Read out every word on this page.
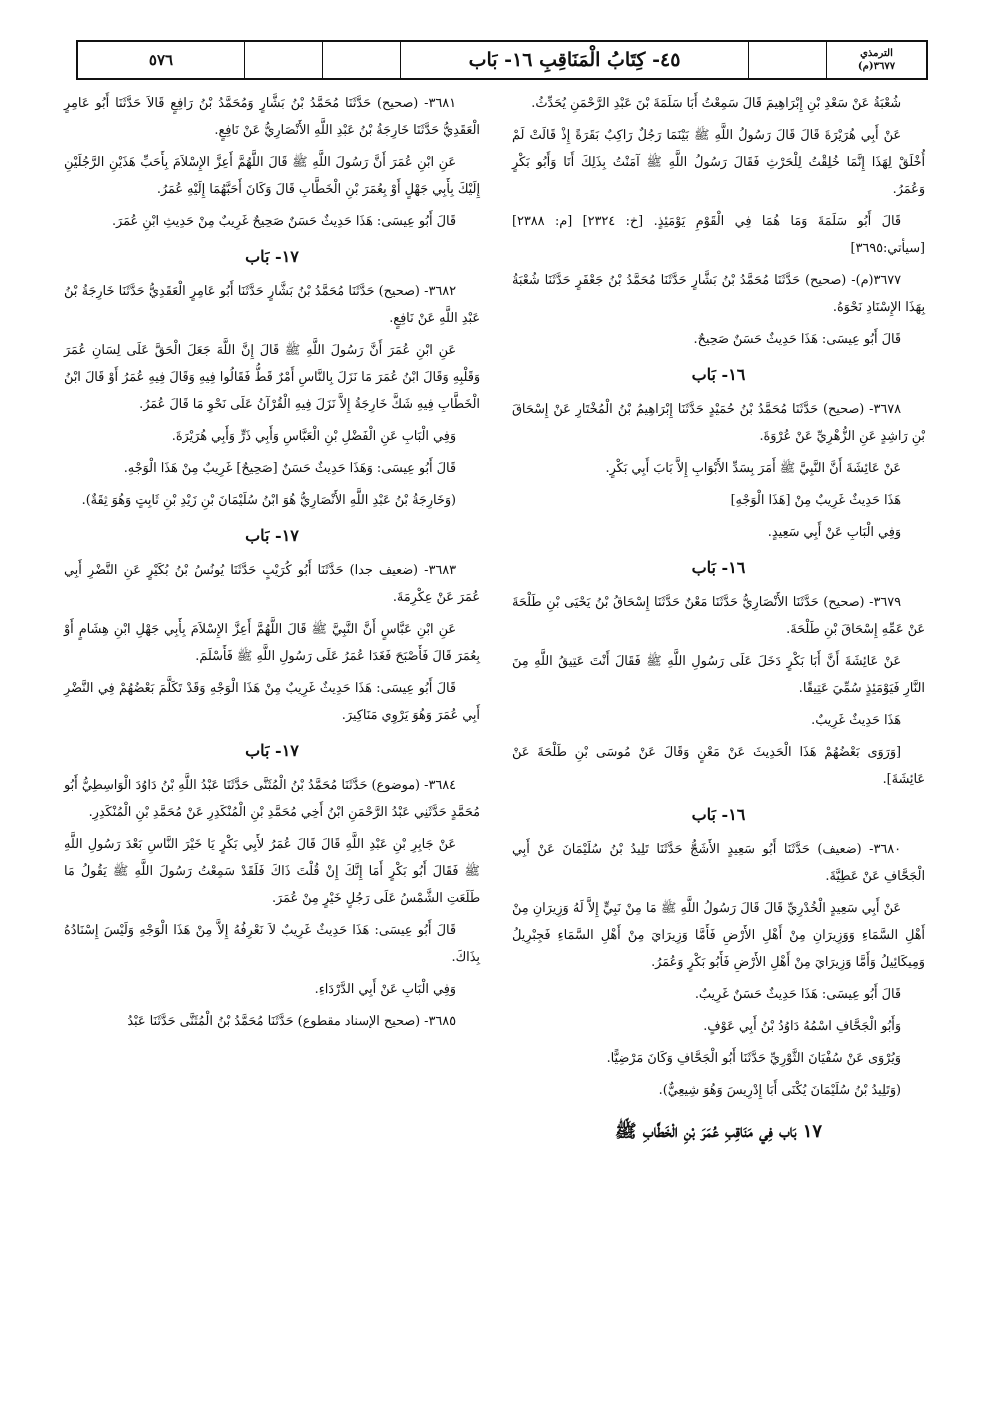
٥٧٦	٤٥- كِتَابُ الْمَنَاقِبِ ١٦- بَاب	الترمذي
٣٦٧٧(م)
شُعْبَةُ عَنْ سَعْدِ بْنِ إِبْرَاهِيمَ قَالَ سَمِعْتُ أَبَا سَلَمَةَ بْنَ عَبْدِ الرَّحْمَنِ يُحَدِّثُ.
عَنْ أَبِي هُرَيْرَةَ قَالَ قَالَ رَسُولُ اللَّهِ ﷺ بَيْنَمَا رَجُلٌ رَاكِبٌ بَقَرَةً إِذْ قَالَتْ لَمْ أُخْلَقْ لِهَذَا إِنَّمَا خُلِقْتُ لِلْحَرْثِ فَقَالَ رَسُولُ اللَّهِ ﷺ آمَنْتُ بِذَلِكَ أَنَا وَأَبُو بَكْرٍ وَعُمَرُ.
قَالَ أَبُو سَلَمَةَ وَمَا هُمَا فِي الْقَوْمِ يَوْمَئِذٍ. [خ: ٢٣٢٤] [م: ٢٣٨٨] [سيأتي:٣٦٩٥]
٣٦٧٧(م)- (صحيح) حَدَّثَنَا مُحَمَّدُ بْنُ بَشَّارٍ حَدَّثَنَا مُحَمَّدُ بْنُ جَعْفَرٍ حَدَّثَنَا شُعْبَةُ بِهَذَا الإِسْنَادِ نَحْوَهُ.
قَالَ أَبُو عِيسَى: هَذَا حَدِيثٌ حَسَنٌ صَحِيحٌ.
١٦- بَاب
٣٦٧٨- (صحيح) حَدَّثَنَا مُحَمَّدُ بْنُ حُمَيْدٍ حَدَّثَنَا إِبْرَاهِيمُ بْنُ الْمُخْتَارِ عَنْ إِسْحَاقَ بْنِ رَاشِدٍ عَنِ الزُّهْرِيِّ عَنْ عُرْوَةَ.
عَنْ عَائِشَةَ أَنَّ النَّبِيَّ ﷺ أَمَرَ بِسَدِّ الأَبْوَابِ إِلاَّ بَابَ أَبِي بَكْرٍ.
هَذَا حَدِيثٌ غَرِيبٌ مِنْ [هَذَا الْوَجْهِ]
وَفِي الْبَابِ عَنْ أَبِي سَعِيدٍ.
١٦- بَاب
٣٦٧٩- (صحيح) حَدَّثَنَا الأَنْصَارِيُّ حَدَّثَنَا مَعْنٌ حَدَّثَنَا إِسْحَاقُ بْنُ يَحْيَى بْنِ طَلْحَةَ عَنْ عَمِّهِ إِسْحَاقَ بْنِ طَلْحَةَ.
عَنْ عَائِشَةَ أَنَّ أَبَا بَكْرٍ دَخَلَ عَلَى رَسُولِ اللَّهِ ﷺ فَقَالَ أَنْتَ عَتِيقُ اللَّهِ مِنَ النَّارِ فَيَوْمَئِذٍ سُمِّيَ عَتِيقًا.
هَذَا حَدِيثٌ غَرِيبٌ.
[وَرَوَى بَعْضُهُمْ هَذَا الْحَدِيثَ عَنْ مَعْنٍ وَقَالَ عَنْ مُوسَى بْنِ طَلْحَةَ عَنْ عَائِشَةَ].
١٦- بَاب
٣٦٨٠- (ضعيف) حَدَّثَنَا أَبُو سَعِيدٍ الأَشَجُّ حَدَّثَنَا تَلِيدُ بْنُ سُلَيْمَانَ عَنْ أَبِي الْجَحَّافِ عَنْ عَطِيَّةَ.
عَنْ أَبِي سَعِيدٍ الْخُدْرِيِّ قَالَ قَالَ رَسُولُ اللَّهِ ﷺ مَا مِنْ نَبِيٍّ إِلاَّ لَهُ وَزِيرَانِ مِنْ أَهْلِ السَّمَاءِ وَوَزِيرَانِ مِنْ أَهْلِ الأَرْضِ فَأَمَّا وَزِيرَايَ مِنْ أَهْلِ السَّمَاءِ فَجِبْرِيلُ وَمِيكَائِيلُ وَأَمَّا وَزِيرَايَ مِنْ أَهْلِ الأَرْضِ فَأَبُو بَكْرٍ وَعُمَرُ.
قَالَ أَبُو عِيسَى: هَذَا حَدِيثٌ حَسَنٌ غَرِيبٌ.
وَأَبُو الْجَحَّافِ اسْمُهُ دَاوُدُ بْنُ أَبِي عَوْفٍ.
وَيُرْوَى عَنْ سُفْيَانَ الثَّوْرِيِّ حَدَّثَنَا أَبُو الْجَحَّافِ وَكَانَ مَرْضِيًّا.
(وَتَلِيدُ بْنُ سُلَيْمَانَ يُكْنَى أَبَا إِدْرِيسَ وَهُوَ شِيعِيٌّ).
١٧ بَاب فِي مَنَاقِبِ عُمَرَ بْنِ الْخَطَّابِ ﷺ
٣٦٨١- (صحيح) حَدَّثَنَا مُحَمَّدُ بْنُ بَشَّارٍ وَمُحَمَّدُ بْنُ رَافِعٍ قَالاَ حَدَّثَنَا أَبُو عَامِرٍ الْعَقَدِيُّ حَدَّثَنَا خَارِجَةُ بْنُ عَبْدِ اللَّهِ الأَنْصَارِيُّ عَنْ نَافِعٍ.
عَنِ ابْنِ عُمَرَ أَنَّ رَسُولَ اللَّهِ ﷺ قَالَ اللَّهُمَّ أَعِزَّ الإِسْلاَمَ بِأَحَبِّ هَذَيْنِ الرَّجُلَيْنِ إِلَيْكَ بِأَبِي جَهْلٍ أَوْ بِعُمَرَ بْنِ الْخَطَّابِ قَالَ وَكَانَ أَحَبَّهُمَا إِلَيْهِ عُمَرُ.
قَالَ أَبُو عِيسَى: هَذَا حَدِيثٌ حَسَنٌ صَحِيحٌ غَرِيبٌ مِنْ حَدِيثِ ابْنِ عُمَرَ.
١٧- بَاب
٣٦٨٢- (صحيح) حَدَّثَنَا مُحَمَّدُ بْنُ بَشَّارٍ حَدَّثَنَا أَبُو عَامِرٍ الْعَقَدِيُّ حَدَّثَنَا خَارِجَةُ بْنُ عَبْدِ اللَّهِ عَنْ نَافِعٍ.
عَنِ ابْنِ عُمَرَ أَنَّ رَسُولَ اللَّهِ ﷺ قَالَ إِنَّ اللَّهَ جَعَلَ الْحَقَّ عَلَى لِسَانِ عُمَرَ وَقَلْبِهِ وَقَالَ ابْنُ عُمَرَ مَا نَزَلَ بِالنَّاسِ أَمْرٌ قَطُّ فَقَالُوا فِيهِ وَقَالَ فِيهِ عُمَرُ أَوْ قَالَ ابْنُ الْخَطَّابِ فِيهِ شَكَّ خَارِجَةُ إِلاَّ نَزَلَ فِيهِ الْقُرْآنُ عَلَى نَحْوِ مَا قَالَ عُمَرُ.
وَفِي الْبَابِ عَنِ الْفَضْلِ بْنِ الْعَبَّاسِ وَأَبِي ذَرٍّ وَأَبِي هُرَيْرَةَ.
قَالَ أَبُو عِيسَى: وَهَذَا حَدِيثٌ حَسَنٌ [صَحِيحٌ] غَرِيبٌ مِنْ هَذَا الْوَجْهِ.
(وَخَارِجَةُ بْنُ عَبْدِ اللَّهِ الأَنْصَارِيُّ هُوَ ابْنُ سُلَيْمَانَ بْنِ زَيْدِ بْنِ ثَابِتٍ وَهُوَ ثِقَةٌ).
١٧- بَاب
٣٦٨٣- (ضعيف جدا) حَدَّثَنَا أَبُو كُرَيْبٍ حَدَّثَنَا يُونُسُ بْنُ بُكَيْرٍ عَنِ النَّضْرِ أَبِي عُمَرَ عَنْ عِكْرِمَةَ.
عَنِ ابْنِ عَبَّاسٍ أَنَّ النَّبِيَّ ﷺ قَالَ اللَّهُمَّ أَعِزَّ الإِسْلاَمَ بِأَبِي جَهْلِ ابْنِ هِشَامٍ أَوْ بِعُمَرَ قَالَ فَأَصْبَحَ فَغَدَا عُمَرُ عَلَى رَسُولِ اللَّهِ ﷺ فَأَسْلَمَ.
قَالَ أَبُو عِيسَى: هَذَا حَدِيثٌ غَرِيبٌ مِنْ هَذَا الْوَجْهِ وَقَدْ تَكَلَّمَ بَعْضُهُمْ فِي النَّضْرِ أَبِي عُمَرَ وَهُوَ يَرْوِي مَنَاكِيرَ.
١٧- بَاب
٣٦٨٤- (موضوع) حَدَّثَنَا مُحَمَّدُ بْنُ الْمُثَنَّى حَدَّثَنَا عَبْدُ اللَّهِ بْنُ دَاوُدَ الْوَاسِطِيُّ أَبُو مُحَمَّدٍ حَدَّثَنِي عَبْدُ الرَّحْمَنِ ابْنُ أَخِي مُحَمَّدِ بْنِ الْمُنْكَدِرِ عَنْ مُحَمَّدِ بْنِ الْمُنْكَدِرِ.
عَنْ جَابِرِ بْنِ عَبْدِ اللَّهِ قَالَ قَالَ عُمَرُ لأَبِي بَكْرٍ يَا خَيْرَ النَّاسِ بَعْدَ رَسُولِ اللَّهِ ﷺ فَقَالَ أَبُو بَكْرٍ أَمَا إِنَّكَ إِنْ قُلْتَ ذَاكَ فَلَقَدْ سَمِعْتُ رَسُولَ اللَّهِ ﷺ يَقُولُ مَا طَلَعَتِ الشَّمْسُ عَلَى رَجُلٍ خَيْرٍ مِنْ عُمَرَ.
قَالَ أَبُو عِيسَى: هَذَا حَدِيثٌ غَرِيبٌ لاَ نَعْرِفُهُ إِلاَّ مِنْ هَذَا الْوَجْهِ وَلَيْسَ إِسْنَادُهُ بِذَاكَ.
وَفِي الْبَابِ عَنْ أَبِي الدَّرْدَاءِ.
٣٦٨٥- (صحيح الإسناد مقطوع) حَدَّثَنَا مُحَمَّدُ بْنُ الْمُثَنَّى حَدَّثَنَا عَبْدُ
